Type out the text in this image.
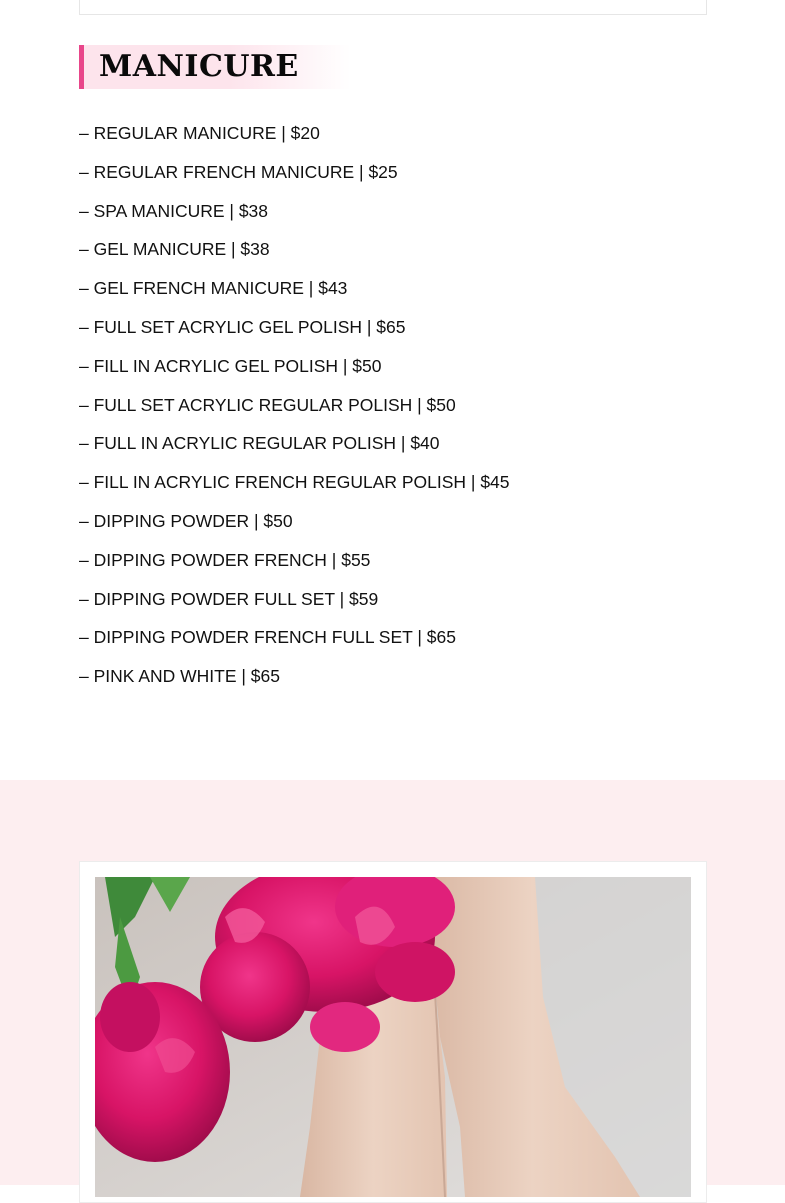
MANICURE
– REGULAR MANICURE | $20
– REGULAR FRENCH MANICURE | $25
– SPA MANICURE | $38
– GEL MANICURE | $38
– GEL FRENCH MANICURE | $43
– FULL SET ACRYLIC GEL POLISH | $65
– FILL IN ACRYLIC GEL POLISH | $50
– FULL SET ACRYLIC REGULAR POLISH | $50
– FULL IN ACRYLIC REGULAR POLISH | $40
– FILL IN ACRYLIC FRENCH REGULAR POLISH | $45
– DIPPING POWDER | $50
– DIPPING POWDER FRENCH | $55
– DIPPING POWDER FULL SET | $59
– DIPPING POWDER FRENCH FULL SET | $65
– PINK AND WHITE | $65
